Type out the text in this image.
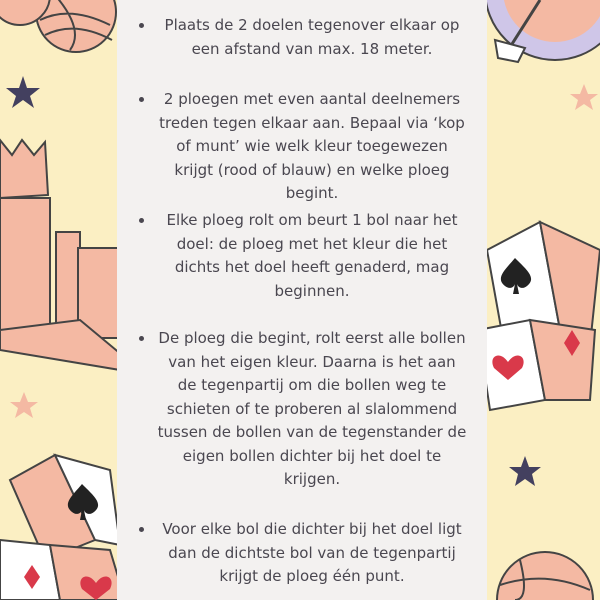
Plaats de 2 doelen tegenover elkaar op een afstand van max. 18 meter.

2 ploegen met even aantal deelnemers treden tegen elkaar aan. Bepaal via ‘kop of munt’ wie welk kleur toegewezen krijgt (rood of blauw) en welke ploeg begint.

Elke ploeg rolt om beurt 1 bol naar het doel: de ploeg met het kleur die het dichts het doel heeft genaderd, mag beginnen.

De ploeg die begint, rolt eerst alle bollen van het eigen kleur. Daarna is het aan de tegenpartij om die bollen weg te schieten of te proberen al slalommend tussen de bollen van de tegenstander de eigen bollen dichter bij het doel te krijgen.

Voor elke bol die dichter bij het doel ligt dan de dichtste bol van de tegenpartij krijgt de ploeg één punt.
